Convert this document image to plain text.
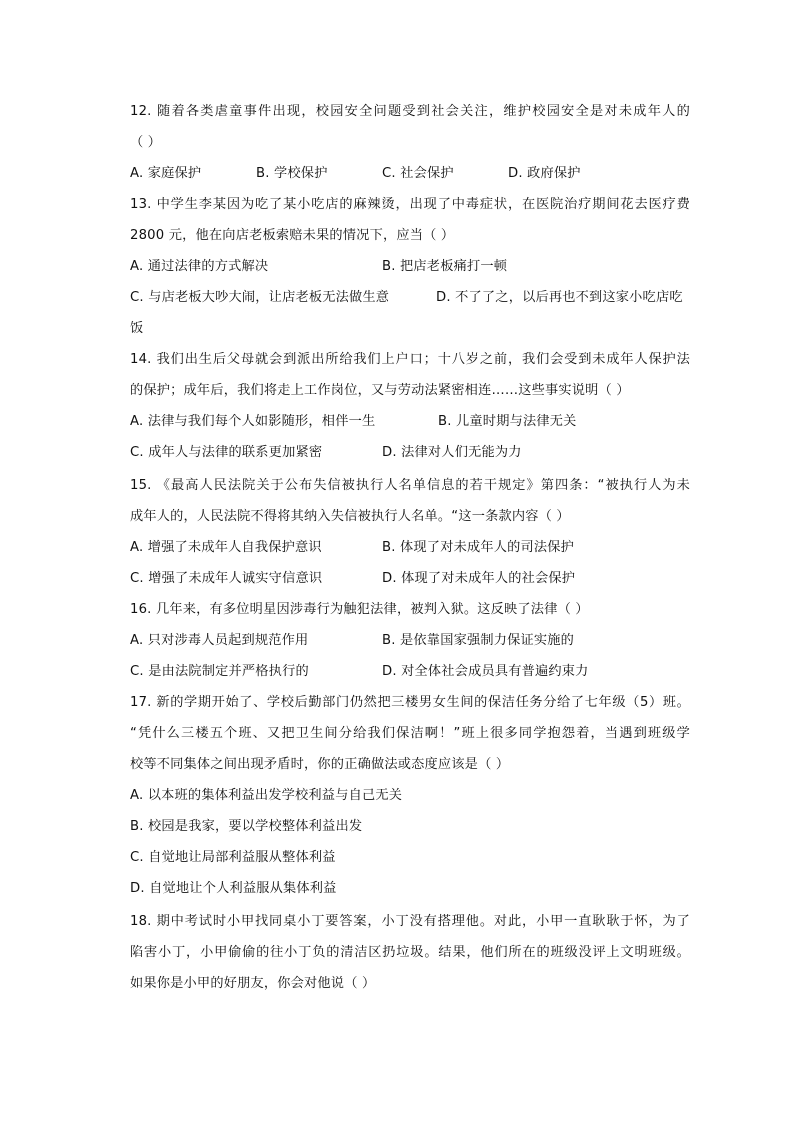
12. 随着各类虐童事件出现，校园安全问题受到社会关注，维护校园安全是对未成年人的
（ ）
A. 家庭保护	B. 学校保护	C. 社会保护	D. 政府保护
13. 中学生李某因为吃了某小吃店的麻辣烫，出现了中毒症状，在医院治疗期间花去医疗费
2800 元，他在向店老板索赔未果的情况下，应当（ ）
A. 通过法律的方式解决	B. 把店老板痛打一顿
C. 与店老板大吵大闹，让店老板无法做生意	D. 不了了之，以后再也不到这家小吃店吃
饭
14. 我们出生后父母就会到派出所给我们上户口；十八岁之前，我们会受到未成年人保护法
的保护；成年后，我们将走上工作岗位，又与劳动法紧密相连……这些事实说明（ ）
A. 法律与我们每个人如影随形，相伴一生	B. 儿童时期与法律无关
C. 成年人与法律的联系更加紧密	D. 法律对人们无能为力
15. 《最高人民法院关于公布失信被执行人名单信息的若干规定》第四条：“被执行人为未
成年人的，人民法院不得将其纳入失信被执行人名单。“这一条款内容（ ）
A. 增强了未成年人自我保护意识	B. 体现了对未成年人的司法保护
C. 增强了未成年人诚实守信意识	D. 体现了对未成年人的社会保护
16. 几年来，有多位明星因涉毒行为触犯法律，被判入狱。这反映了法律（ ）
A. 只对涉毒人员起到规范作用	B. 是依靠国家强制力保证实施的
C. 是由法院制定并严格执行的	D. 对全体社会成员具有普遍约束力
17. 新的学期开始了、学校后勤部门仍然把三楼男女生间的保洁任务分给了七年级（5）班。
“凭什么三楼五个班、又把卫生间分给我们保洁啊！”班上很多同学抱怨着，当遇到班级学
校等不同集体之间出现矛盾时，你的正确做法或态度应该是（ ）
A. 以本班的集体利益出发学校利益与自己无关
B. 校园是我家，要以学校整体利益出发
C. 自觉地让局部利益服从整体利益
D. 自觉地让个人利益服从集体利益
18. 期中考试时小甲找同桌小丁要答案，小丁没有搭理他。对此，小甲一直耿耿于怀，为了
陷害小丁，小甲偷偷的往小丁负的清洁区扔垃圾。结果，他们所在的班级没评上文明班级。
如果你是小甲的好朋友，你会对他说（ ）
